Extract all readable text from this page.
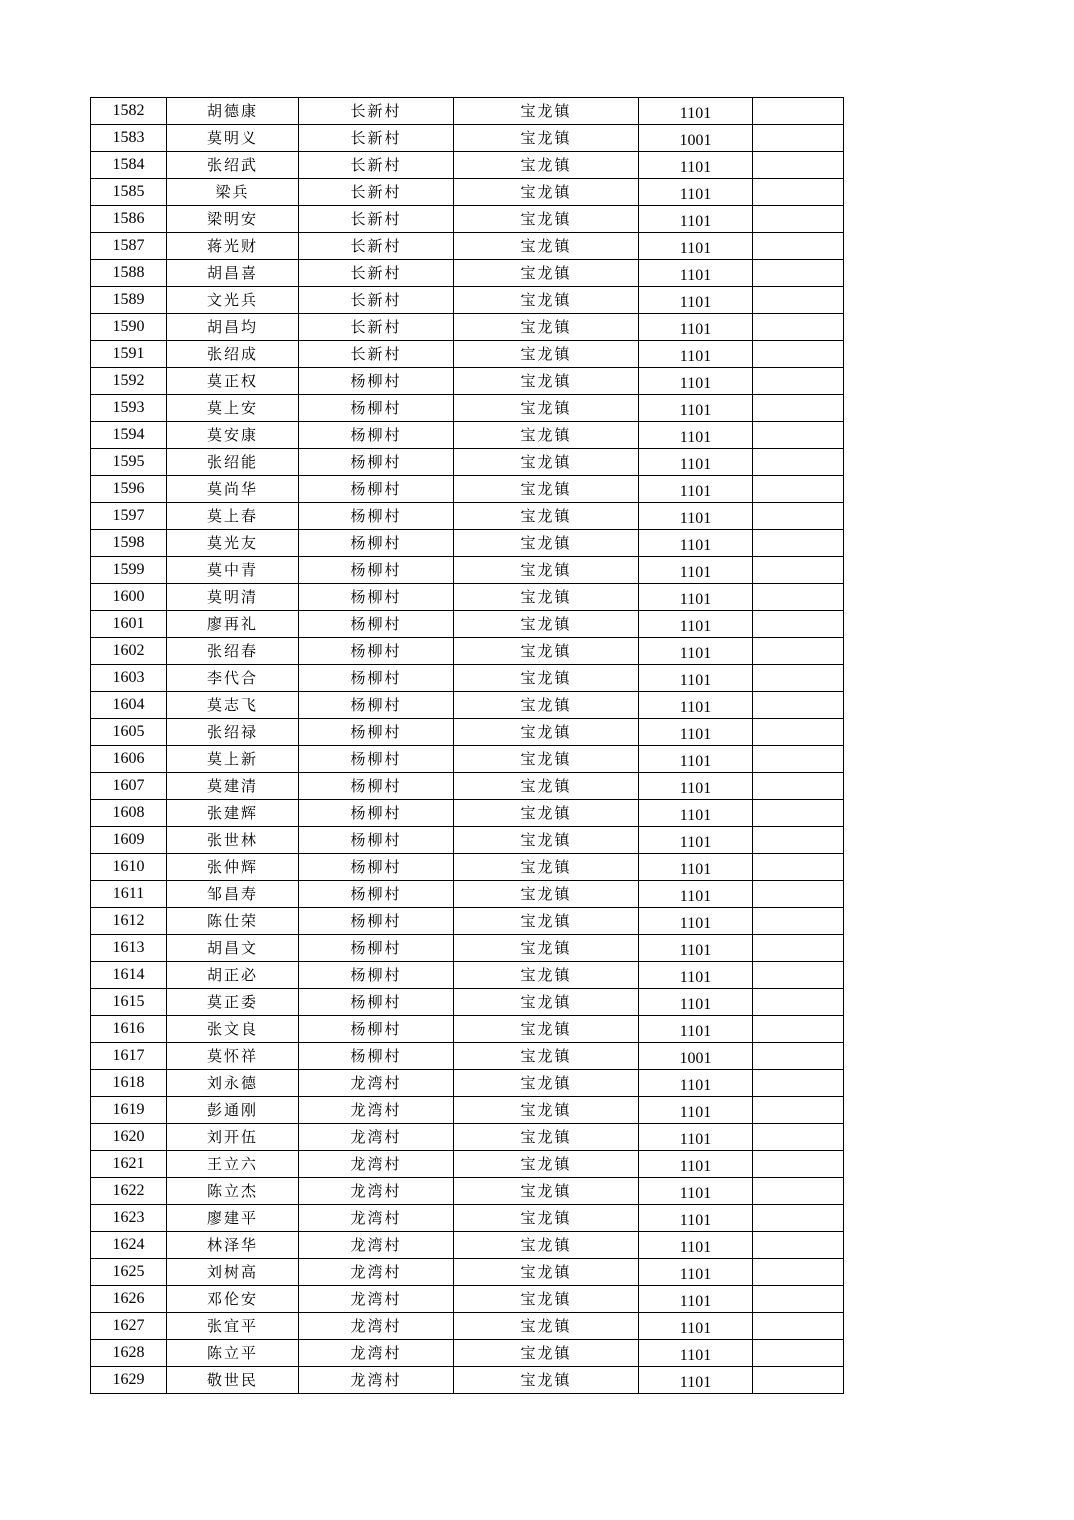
1582	胡德康	长新村	宝龙镇	1101	
1583	莫明义	长新村	宝龙镇	1001	
1584	张绍武	长新村	宝龙镇	1101	
1585	梁兵	长新村	宝龙镇	1101	
1586	梁明安	长新村	宝龙镇	1101	
1587	蒋光财	长新村	宝龙镇	1101	
1588	胡昌喜	长新村	宝龙镇	1101	
1589	文光兵	长新村	宝龙镇	1101	
1590	胡昌均	长新村	宝龙镇	1101	
1591	张绍成	长新村	宝龙镇	1101	
1592	莫正权	杨柳村	宝龙镇	1101	
1593	莫上安	杨柳村	宝龙镇	1101	
1594	莫安康	杨柳村	宝龙镇	1101	
1595	张绍能	杨柳村	宝龙镇	1101	
1596	莫尚华	杨柳村	宝龙镇	1101	
1597	莫上春	杨柳村	宝龙镇	1101	
1598	莫光友	杨柳村	宝龙镇	1101	
1599	莫中青	杨柳村	宝龙镇	1101	
1600	莫明清	杨柳村	宝龙镇	1101	
1601	廖再礼	杨柳村	宝龙镇	1101	
1602	张绍春	杨柳村	宝龙镇	1101	
1603	李代合	杨柳村	宝龙镇	1101	
1604	莫志飞	杨柳村	宝龙镇	1101	
1605	张绍禄	杨柳村	宝龙镇	1101	
1606	莫上新	杨柳村	宝龙镇	1101	
1607	莫建清	杨柳村	宝龙镇	1101	
1608	张建辉	杨柳村	宝龙镇	1101	
1609	张世林	杨柳村	宝龙镇	1101	
1610	张仲辉	杨柳村	宝龙镇	1101	
1611	邹昌寿	杨柳村	宝龙镇	1101	
1612	陈仕荣	杨柳村	宝龙镇	1101	
1613	胡昌文	杨柳村	宝龙镇	1101	
1614	胡正必	杨柳村	宝龙镇	1101	
1615	莫正委	杨柳村	宝龙镇	1101	
1616	张文良	杨柳村	宝龙镇	1101	
1617	莫怀祥	杨柳村	宝龙镇	1001	
1618	刘永德	龙湾村	宝龙镇	1101	
1619	彭通刚	龙湾村	宝龙镇	1101	
1620	刘开伍	龙湾村	宝龙镇	1101	
1621	王立六	龙湾村	宝龙镇	1101	
1622	陈立杰	龙湾村	宝龙镇	1101	
1623	廖建平	龙湾村	宝龙镇	1101	
1624	林泽华	龙湾村	宝龙镇	1101	
1625	刘树高	龙湾村	宝龙镇	1101	
1626	邓伦安	龙湾村	宝龙镇	1101	
1627	张宜平	龙湾村	宝龙镇	1101	
1628	陈立平	龙湾村	宝龙镇	1101	
1629	敬世民	龙湾村	宝龙镇	1101	
